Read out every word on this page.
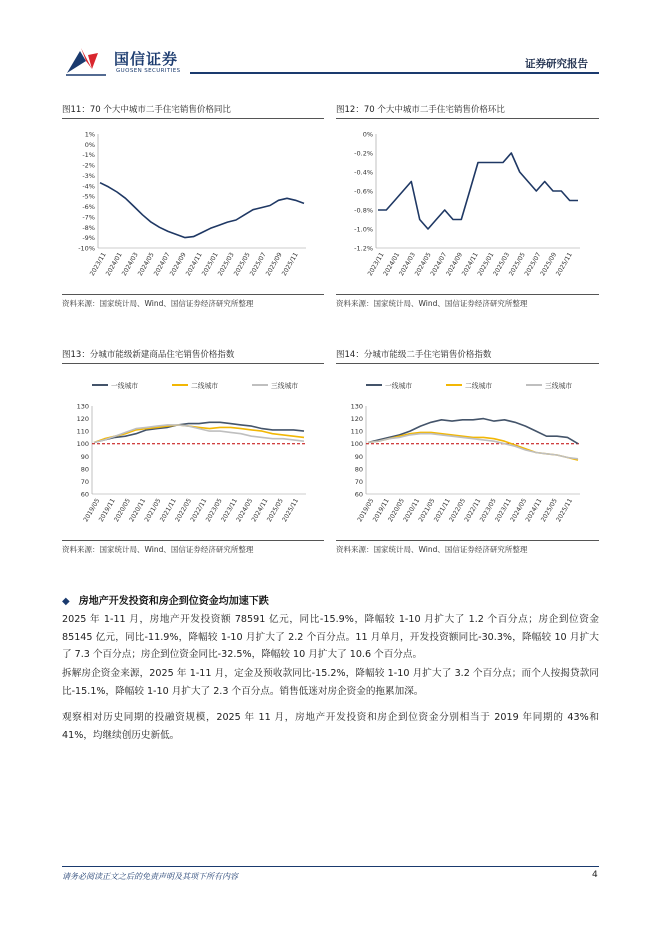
国信证券
GUOSEN SECURITIES
证券研究报告
图11：70 个大中城市二手住宅销售价格同比
1%
0%
-1%
-2%
-3%
-4%
-5%
-6%
-7%
-8%
-9%
-10%
2023/11
2024/01
2024/03
2024/05
2024/07
2024/09
2024/11
2025/01
2025/03
2025/05
2025/07
2025/09
2025/11
资料来源：国家统计局、Wind、国信证券经济研究所整理
图12：70 个大中城市二手住宅销售价格环比
0%
-0.2%
-0.4%
-0.6%
-0.8%
-1.0%
-1.2%
2023/11
2024/01
2024/03
2024/05
2024/07
2024/09
2024/11
2025/01
2025/03
2025/05
2025/07
2025/09
2025/11
资料来源：国家统计局、Wind、国信证券经济研究所整理
图13：分城市能级新建商品住宅销售价格指数
130
120
110
100
90
80
70
60
2019/05
2019/11
2020/05
2020/11
2021/05
2021/11
2022/05
2022/11
2023/05
2023/11
2024/05
2024/11
2025/05
2025/11
一线城市	二线城市	三线城市
资料来源：国家统计局、Wind、国信证券经济研究所整理
图14：分城市能级二手住宅销售价格指数
130
120
110
100
90
80
70
60
2019/05
2019/11
2020/05
2020/11
2021/05
2021/11
2022/05
2022/11
2023/05
2023/11
2024/05
2024/11
2025/05
2025/11
一线城市	二线城市	三线城市
资料来源：国家统计局、Wind、国信证券经济研究所整理
◆ 房地产开发投资和房企到位资金均加速下跌
2025 年 1-11 月，房地产开发投资额 78591 亿元，同比-15.9%，降幅较 1-10 月扩大了 1.2 个百分点；房企到位资金 85145 亿元，同比-11.9%，降幅较 1-10 月扩大了 2.2 个百分点。11 月单月，开发投资额同比-30.3%，降幅较 10 月扩大了 7.3 个百分点；房企到位资金同比-32.5%，降幅较 10 月扩大了 10.6 个百分点。
拆解房企资金来源，2025 年 1-11 月，定金及预收款同比-15.2%，降幅较 1-10 月扩大了 3.2 个百分点；而个人按揭贷款同比-15.1%，降幅较 1-10 月扩大了 2.3 个百分点。销售低迷对房企资金的拖累加深。
观察相对历史同期的投融资规模，2025 年 11 月，房地产开发投资和房企到位资金分别相当于 2019 年同期的 43%和 41%，均继续创历史新低。
请务必阅读正文之后的免责声明及其项下所有内容	4
